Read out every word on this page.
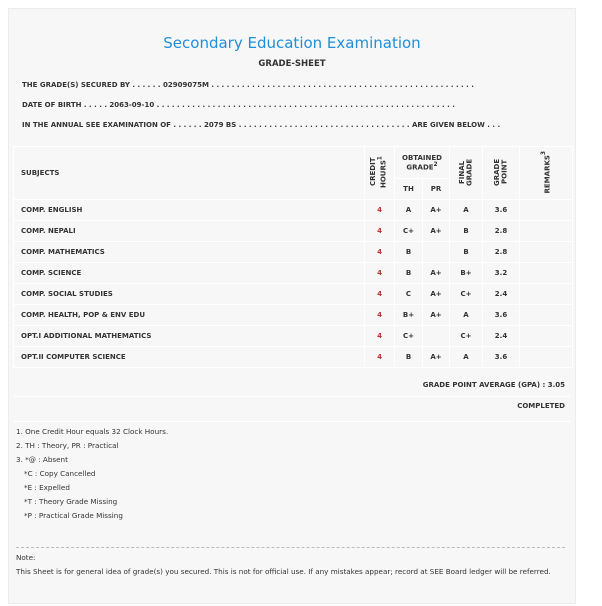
Secondary Education Examination
GRADE-SHEET
THE GRADE(S) SECURED BY . . . . . . 02909075M . . . . . . . . . . . . . . . . . . . . . . . . . . . . . . . . . . . . . . . . . . . . . . . . . . . .
DATE OF BIRTH . . . . . 2063-09-10 . . . . . . . . . . . . . . . . . . . . . . . . . . . . . . . . . . . . . . . . . . . . . . . . . . . . . . . . . . .
IN THE ANNUAL SEE EXAMINATION OF . . . . . . 2079 BS . . . . . . . . . . . . . . . . . . . . . . . . . . . . . . . . . . ARE GIVEN BELOW . . .
SUBJECTS	CREDIT HOURS$^1$	OBTAINED GRADE$^2$		FINAL GRADE	GRADE POINT	REMARKS$^3$
		TH	PR			
COMP. ENGLISH	4	A	A+	A	3.6	
COMP. NEPALI	4	C+	A+	B	2.8	
COMP. MATHEMATICS	4	B		B	2.8	
COMP. SCIENCE	4	B	A+	B+	3.2	
COMP. SOCIAL STUDIES	4	C	A+	C+	2.4	
COMP. HEALTH, POP & ENV EDU	4	B+	A+	A	3.6	
OPT.I ADDITIONAL MATHEMATICS	4	C+		C+	2.4	
OPT.II COMPUTER SCIENCE	4	B	A+	A	3.6	
GRADE POINT AVERAGE (GPA) : 3.05
COMPLETED
1. One Credit Hour equals 32 Clock Hours.
2. TH : Theory, PR : Practical
3. *@ : Absent
*C : Copy Cancelled
*E : Expelled
*T : Theory Grade Missing
*P : Practical Grade Missing
Note:
This Sheet is for general idea of grade(s) you secured. This is not for official use. If any mistakes appear; record at SEE Board ledger will be referred.
